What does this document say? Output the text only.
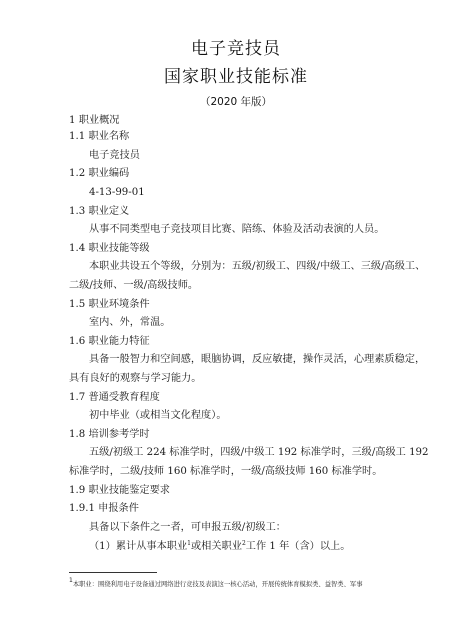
电子竞技员
国家职业技能标准
（2020 年版）
1 职业概况
1.1 职业名称
电子竞技员
1.2 职业编码
4-13-99-01
1.3 职业定义
从事不同类型电子竞技项目比赛、陪练、体验及活动表演的人员。
1.4 职业技能等级
本职业共设五个等级，分别为：五级/初级工、四级/中级工、三级/高级工、
二级/技师、一级/高级技师。
1.5 职业环境条件
室内、外，常温。
1.6 职业能力特征
具备一般智力和空间感，眼脑协调，反应敏捷，操作灵活，心理素质稳定，
具有良好的观察与学习能力。
1.7 普通受教育程度
初中毕业（或相当文化程度）。
1.8 培训参考学时
五级/初级工 224 标准学时，四级/中级工 192 标准学时，三级/高级工 192
标准学时，二级/技师 160 标准学时，一级/高级技师 160 标准学时。
1.9 职业技能鉴定要求
1.9.1 申报条件
具备以下条件之一者，可申报五级/初级工：
（1）累计从事本职业$^1$或相关职业$^2$工作 1 年（含）以上。
$^1$本职业：围绕利用电子设备通过网络进行竞技及表演这一核心活动，开展传统体育模拟类、益智类、军事
